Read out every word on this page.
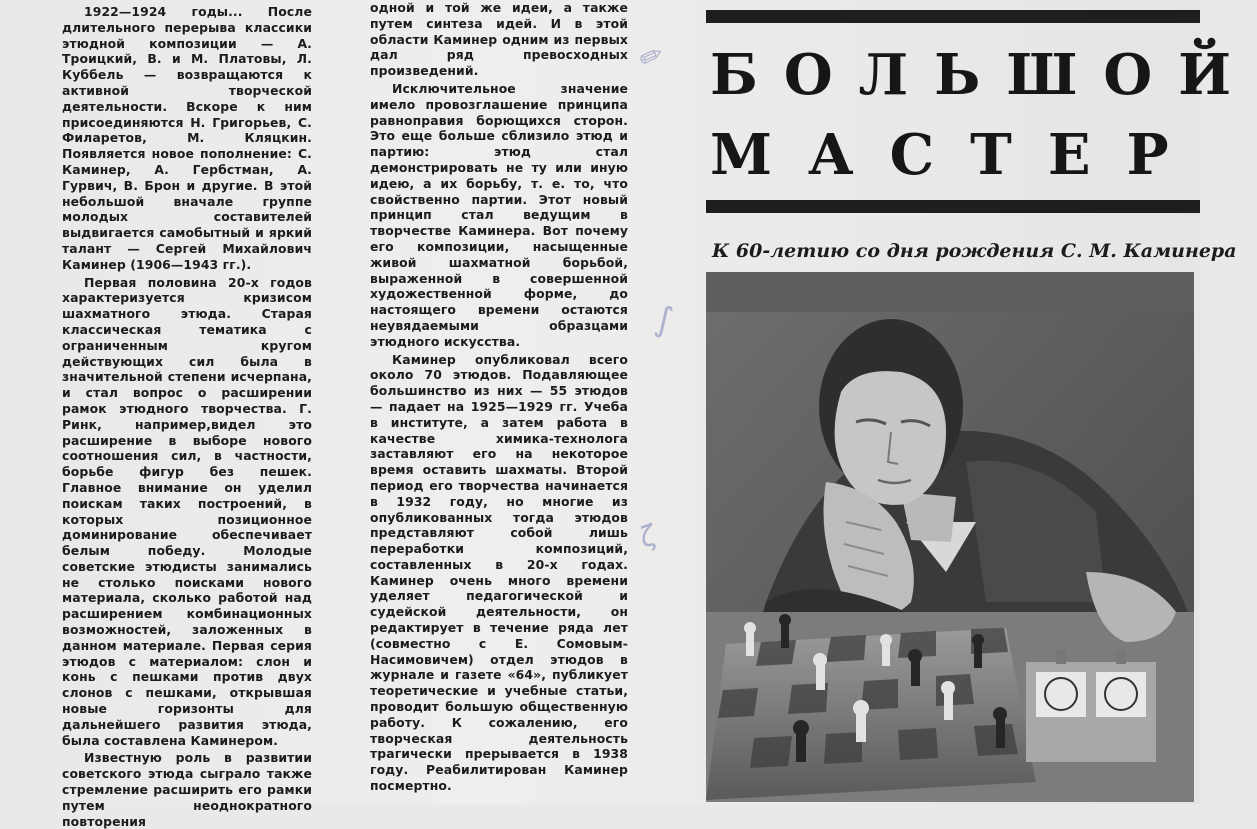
✎
∫
ζ

1922—1924 годы... После длительного перерыва классики этюдной композиции — А. Троицкий, В. и М. Платовы, Л. Куббель — возвращаются к активной творческой деятельности. Вскоре к ним присоединяются Н. Григорьев, С. Филаретов, М. Кляцкин. Появляется новое пополнение: С. Каминер, А. Гербстман, А. Гурвич, В. Брон и другие. В этой небольшой вначале группе молодых составителей выдвигается самобытный и яркий талант — Сергей Михайлович Каминер (1906—1943 гг.).

Первая половина 20-х годов характеризуется кризисом шахматного этюда. Старая классическая тематика с ограниченным кругом действующих сил была в значительной степени исчерпана, и стал вопрос о расширении рамок этюдного творчества. Г. Ринк, например,видел это расширение в выборе нового соотношения сил, в частности, борьбе фигур без пешек. Главное внимание он уделил поискам таких построений, в которых позиционное доминирование обеспечивает белым победу. Молодые советские этюдисты занимались не столько поисками нового материала, сколько работой над расширением комбинационных возможностей, заложенных в данном материале. Первая серия этюдов с материалом: слон и конь с пешками против двух слонов с пешками, открывшая новые горизонты для дальнейшего развития этюда, была составлена Каминером.

Известную роль в развитии советского этюда сыграло также стремление расширить его рамки путем неоднократного повторения

одной и той же идеи, а также путем синтеза идей. И в этой области Каминер одним из первых дал ряд превосходных произведений.

Исключительное значение имело провозглашение принципа равноправия борющихся сторон. Это еще больше сблизило этюд и партию: этюд стал демонстрировать не ту или иную идею, а их борьбу, т. е. то, что свойственно партии. Этот новый принцип стал ведущим в творчестве Каминера. Вот почему его композиции, насыщенные живой шахматной борьбой, выраженной в совершенной художественной форме, до настоящего времени остаются неувядаемыми образцами этюдного искусства.

Каминер опубликовал всего около 70 этюдов. Подавляющее большинство из них — 55 этюдов — падает на 1925—1929 гг. Учеба в институте, а затем работа в качестве химика-технолога заставляют его на некоторое время оставить шахматы. Второй период его творчества начинается в 1932 году, но многие из опубликованных тогда этюдов представляют собой лишь переработки композиций, составленных в 20-х годах. Каминер очень много времени уделяет педагогической и судейской деятельности, он редактирует в течение ряда лет (совместно с Е. Сомовым-Насимовичем) отдел этюдов в журнале и газете «64», публикует теоретические и учебные статьи, проводит большую общественную работу. К сожалению, его творческая деятельность трагически прерывается в 1938 году. Реабилитирован Каминер посмертно.

БОЛЬШОЙ
МАСТЕР
К 60-летию со дня рождения С. М. Каминера
